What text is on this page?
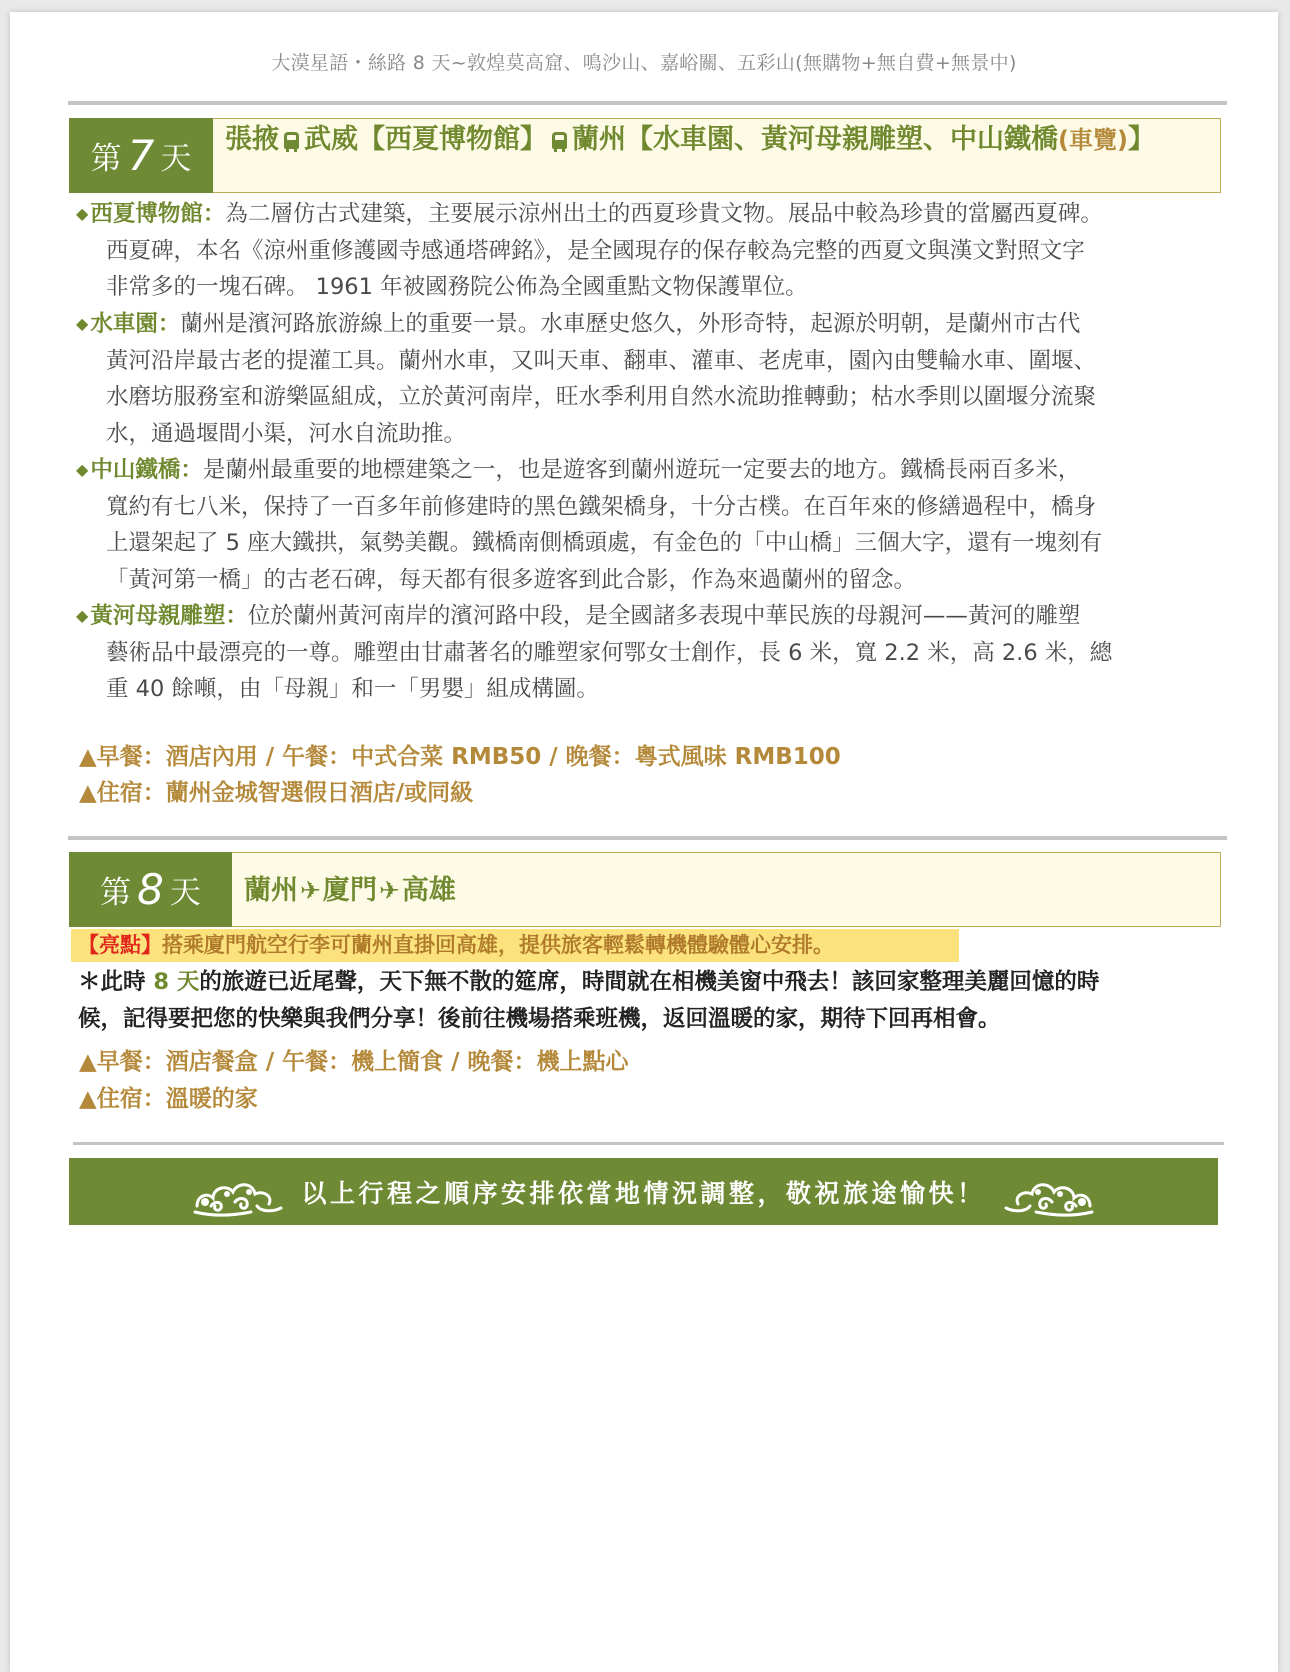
大漠星語・絲路 8 天~敦煌莫高窟、鳴沙山、嘉峪關、五彩山(無購物+無自費+無景中)
第 7 天
張掖 武威【西夏博物館】 蘭州【水車園、黃河母親雕塑、中山鐵橋(車覽)】
◆西夏博物館：為二層仿古式建築，主要展示涼州出土的西夏珍貴文物。展品中較為珍貴的當屬西夏碑。
西夏碑，本名《涼州重修護國寺感通塔碑銘》，是全國現存的保存較為完整的西夏文與漢文對照文字
非常多的一塊石碑。 1961 年被國務院公佈為全國重點文物保護單位。
◆水車園：蘭州是濱河路旅游線上的重要一景。水車歷史悠久，外形奇特，起源於明朝，是蘭州市古代
黃河沿岸最古老的提灌工具。蘭州水車，又叫天車、翻車、灌車、老虎車，園內由雙輪水車、圍堰、
水磨坊服務室和游樂區組成，立於黃河南岸，旺水季利用自然水流助推轉動；枯水季則以圍堰分流聚
水，通過堰間小渠，河水自流助推。
◆中山鐵橋：是蘭州最重要的地標建築之一，也是遊客到蘭州遊玩一定要去的地方。鐵橋長兩百多米，
寬約有七八米，保持了一百多年前修建時的黑色鐵架橋身，十分古樸。在百年來的修繕過程中，橋身
上還架起了 5 座大鐵拱，氣勢美觀。鐵橋南側橋頭處，有金色的「中山橋」三個大字，還有一塊刻有
「黃河第一橋」的古老石碑，每天都有很多遊客到此合影，作為來過蘭州的留念。
◆黃河母親雕塑：位於蘭州黃河南岸的濱河路中段，是全國諸多表現中華民族的母親河——黃河的雕塑
藝術品中最漂亮的一尊。雕塑由甘肅著名的雕塑家何鄂女士創作，長 6 米，寬 2.2 米，高 2.6 米，總
重 40 餘噸，由「母親」和一「男嬰」組成構圖。
▲早餐：酒店內用 / 午餐：中式合菜 RMB50 / 晚餐：粵式風味 RMB100
▲住宿：蘭州金城智選假日酒店/或同級
第 8 天 蘭州 ✈ 廈門 ✈ 高雄
【亮點】搭乘廈門航空行李可蘭州直掛回高雄，提供旅客輕鬆轉機體驗體心安排。
＊此時 8 天的旅遊已近尾聲，天下無不散的筵席，時間就在相機美窗中飛去！該回家整理美麗回憶的時
候，記得要把您的快樂與我們分享！後前往機場搭乘班機，返回溫暖的家，期待下回再相會。
▲早餐：酒店餐盒 / 午餐：機上簡食 / 晚餐：機上點心
▲住宿：溫暖的家
以上行程之順序安排依當地情況調整，敬祝旅途愉快！
